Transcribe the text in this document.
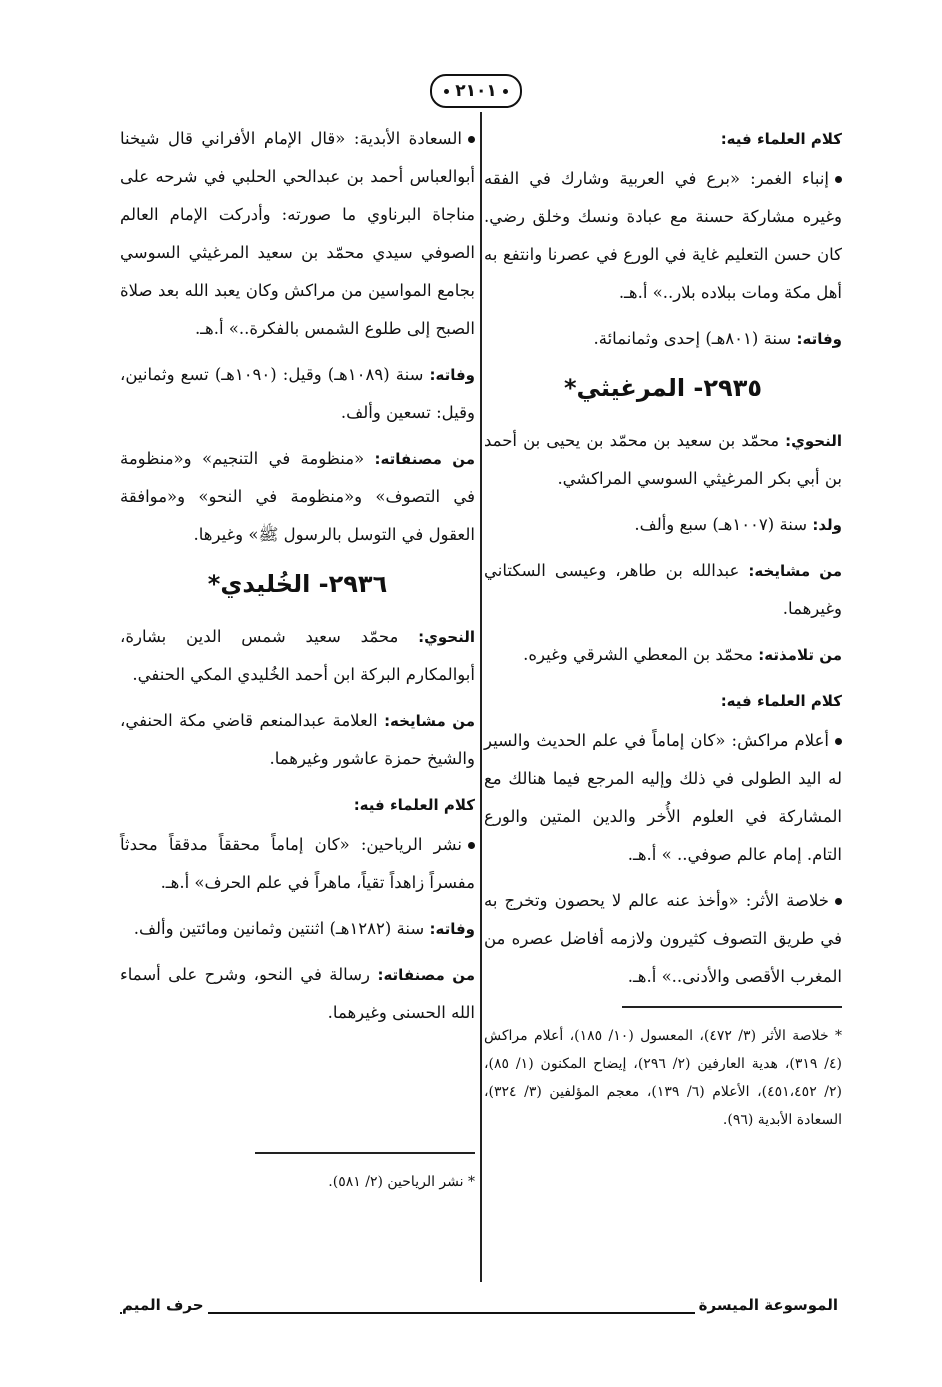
٢١٠١
كلام العلماء فيه:

إنباء الغمر: «برع في العربية وشارك في الفقه وغيره مشاركة حسنة مع عبادة ونسك وخلق رضي. كان حسن التعليم غاية في الورع في عصرنا وانتفع به أهل مكة ومات ببلاده بلار..» أ.هـ.

وفاته: سنة (٨٠١هـ) إحدى وثمانمائة.

٢٩٣٥- المرغيثي*

النحوي: محمّد بن سعيد بن محمّد بن يحيى بن أحمد بن أبي بكر المرغيثي السوسي المراكشي.

ولد: سنة (١٠٠٧هـ) سبع وألف.

من مشايخه: عبدالله بن طاهر، وعيسى السكتاني وغيرهما.

من تلامذته: محمّد بن المعطي الشرقي وغيره.

كلام العلماء فيه:

أعلام مراكش: «كان إماماً في علم الحديث والسير له اليد الطولى في ذلك وإليه المرجع فيما هنالك مع المشاركة في العلوم الأُخر والدين المتين والورع التام. إمام عالم صوفي.. » أ.هـ.

خلاصة الأثر: «وأخذ عنه عالم لا يحصون وتخرج به في طريق التصوف كثيرون ولازمه أفاضل عصره من المغرب الأقصى والأدنى..» أ.هـ.

* خلاصة الأثر (٣/ ٤٧٢)، المعسول (١٠/ ١٨٥)، أعلام مراكش (٤/ ٣١٩)، هدية العارفين (٢/ ٢٩٦)، إيضاح المكنون (١/ ٨٥)، (٢/ ٤٥١،٤٥٢)، الأعلام (٦/ ١٣٩)، معجم المؤلفين (٣/ ٣٢٤)، السعادة الأبدية (٩٦).

السعادة الأبدية: «قال الإمام الأفراني قال شيخنا أبوالعباس أحمد بن عبدالحي الحلبي في شرحه على مناجاة البرناوي ما صورته: وأدركت الإمام العالم الصوفي سيدي محمّد بن سعيد المرغيثي السوسي بجامع المواسين من مراكش وكان يعبد الله بعد صلاة الصبح إلى طلوع الشمس بالفكرة..» أ.هـ.

وفاته: سنة (١٠٨٩هـ) وقيل: (١٠٩٠هـ) تسع وثمانين، وقيل: تسعين وألف.

من مصنفاته: «منظومة في التنجيم» و«منظومة في التصوف» و«منظومة في النحو» و«موافقة العقول في التوسل بالرسول ﷺ» وغيرها.

٢٩٣٦- الخُليدي*

النحوي: محمّد سعيد شمس الدين بشارة، أبوالمكارم البركة ابن أحمد الخُليدي المكي الحنفي.

من مشايخه: العلامة عبدالمنعم قاضي مكة الحنفي، والشيخ حمزة عاشور وغيرهما.

كلام العلماء فيه:

نشر الرياحين: «كان إماماً محققاً مدققاً محدثاً مفسراً زاهداً تقياً، ماهراً في علم الحرف» أ.هـ.

وفاته: سنة (١٢٨٢هـ) اثنتين وثمانين ومائتين وألف.

من مصنفاته: رسالة في النحو، وشرح على أسماء الله الحسنى وغيرهما.

* نشر الرياحين (٢/ ٥٨١).
الموسوعة الميسرة
حرف الميم
